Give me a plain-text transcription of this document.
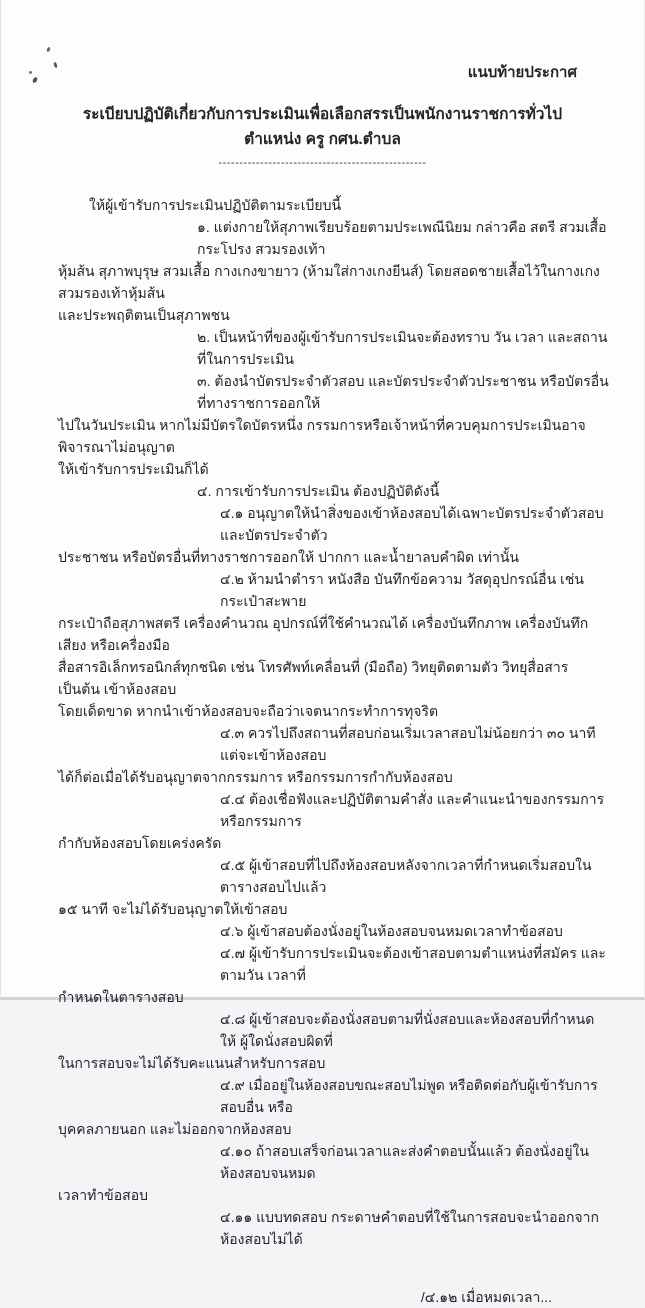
แนบท้ายประกาศ

ระเบียบปฏิบัติเกี่ยวกับการประเมินเพื่อเลือกสรรเป็นพนักงานราชการทั่วไป

ตำแหน่ง ครู กศน.ตำบล

--------------------------------------------------

ให้ผู้เข้ารับการประเมินปฏิบัติตามระเบียบนี้

๑. แต่งกายให้สุภาพเรียบร้อยตามประเพณีนิยม กล่าวคือ สตรี สวมเสื้อ กระโปรง สวมรองเท้า

หุ้มส้น สุภาพบุรุษ สวมเสื้อ กางเกงขายาว (ห้ามใส่กางเกงยีนส์) โดยสอดชายเสื้อไว้ในกางเกง สวมรองเท้าหุ้มส้น

และประพฤติตนเป็นสุภาพชน

๒. เป็นหน้าที่ของผู้เข้ารับการประเมินจะต้องทราบ วัน เวลา และสถานที่ในการประเมิน

๓. ต้องนำบัตรประจำตัวสอบ และบัตรประจำตัวประชาชน หรือบัตรอื่นที่ทางราชการออกให้

ไปในวันประเมิน หากไม่มีบัตรใดบัตรหนึ่ง กรรมการหรือเจ้าหน้าที่ควบคุมการประเมินอาจพิจารณาไม่อนุญาต

ให้เข้ารับการประเมินก็ได้

๔. การเข้ารับการประเมิน ต้องปฏิบัติดังนี้

๔.๑ อนุญาตให้นำสิ่งของเข้าห้องสอบได้เฉพาะบัตรประจำตัวสอบและบัตรประจำตัว

ประชาชน หรือบัตรอื่นที่ทางราชการออกให้ ปากกา และน้ำยาลบคำผิด เท่านั้น

๔.๒ ห้ามนำตำรา หนังสือ บันทึกข้อความ วัสดุอุปกรณ์อื่น เช่น กระเป๋าสะพาย

กระเป๋าถือสุภาพสตรี เครื่องคำนวณ อุปกรณ์ที่ใช้คำนวณได้ เครื่องบันทึกภาพ เครื่องบันทึกเสียง หรือเครื่องมือ

สื่อสารอิเล็กทรอนิกส์ทุกชนิด เช่น โทรศัพท์เคลื่อนที่ (มือถือ) วิทยุติดตามตัว วิทยุสื่อสาร เป็นต้น เข้าห้องสอบ

โดยเด็ดขาด หากนำเข้าห้องสอบจะถือว่าเจตนากระทำการทุจริต

๔.๓ ควรไปถึงสถานที่สอบก่อนเริ่มเวลาสอบไม่น้อยกว่า ๓๐ นาที แต่จะเข้าห้องสอบ

ได้ก็ต่อเมื่อได้รับอนุญาตจากกรรมการ หรือกรรมการกำกับห้องสอบ

๔.๔ ต้องเชื่อฟังและปฏิบัติตามคำสั่ง และคำแนะนำของกรรมการ หรือกรรมการ

กำกับห้องสอบโดยเคร่งครัด

๔.๕ ผู้เข้าสอบที่ไปถึงห้องสอบหลังจากเวลาที่กำหนดเริ่มสอบในตารางสอบไปแล้ว

๑๕ นาที จะไม่ได้รับอนุญาตให้เข้าสอบ

๔.๖ ผู้เข้าสอบต้องนั่งอยู่ในห้องสอบจนหมดเวลาทำข้อสอบ

๔.๗ ผู้เข้ารับการประเมินจะต้องเข้าสอบตามตำแหน่งที่สมัคร และตามวัน เวลาที่

กำหนดในตารางสอบ

๔.๘ ผู้เข้าสอบจะต้องนั่งสอบตามที่นั่งสอบและห้องสอบที่กำหนดให้ ผู้ใดนั่งสอบผิดที่

ในการสอบจะไม่ได้รับคะแนนสำหรับการสอบ

๔.๙ เมื่ออยู่ในห้องสอบขณะสอบไม่พูด หรือติดต่อกับผู้เข้ารับการสอบอื่น หรือ

บุคคลภายนอก และไม่ออกจากห้องสอบ

๔.๑๐ ถ้าสอบเสร็จก่อนเวลาและส่งคำตอบนั้นแล้ว ต้องนั่งอยู่ในห้องสอบจนหมด

เวลาทำข้อสอบ

๔.๑๑ แบบทดสอบ กระดาษคำตอบที่ใช้ในการสอบจะนำออกจากห้องสอบไม่ได้

/๔.๑๒ เมื่อหมดเวลา...
